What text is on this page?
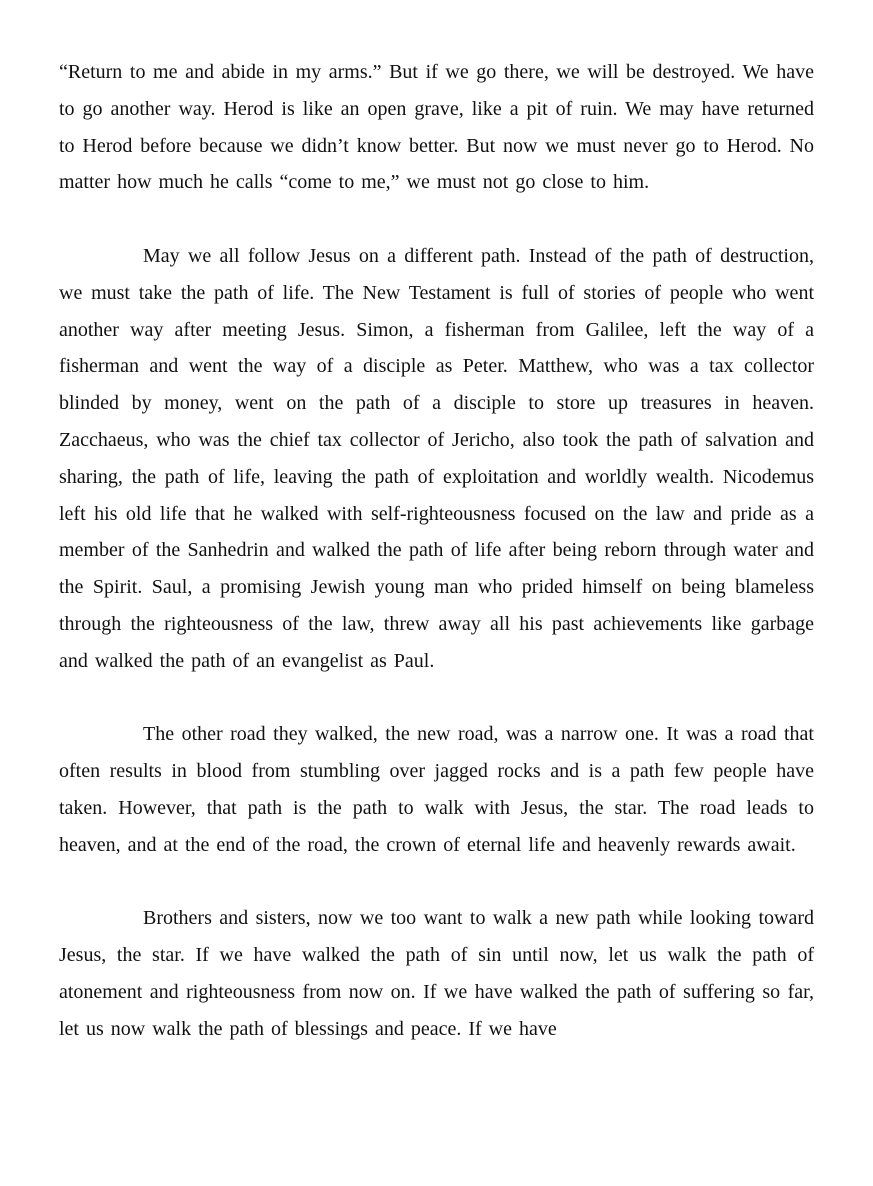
“Return to me and abide in my arms.” But if we go there, we will be destroyed. We have to go another way. Herod is like an open grave, like a pit of ruin. We may have returned to Herod before because we didn’t know better. But now we must never go to Herod. No matter how much he calls “come to me,” we must not go close to him.

May we all follow Jesus on a different path. Instead of the path of destruction, we must take the path of life. The New Testament is full of stories of people who went another way after meeting Jesus. Simon, a fisherman from Galilee, left the way of a fisherman and went the way of a disciple as Peter. Matthew, who was a tax collector blinded by money, went on the path of a disciple to store up treasures in heaven. Zacchaeus, who was the chief tax collector of Jericho, also took the path of salvation and sharing, the path of life, leaving the path of exploitation and worldly wealth. Nicodemus left his old life that he walked with self-righteousness focused on the law and pride as a member of the Sanhedrin and walked the path of life after being reborn through water and the Spirit. Saul, a promising Jewish young man who prided himself on being blameless through the righteousness of the law, threw away all his past achievements like garbage and walked the path of an evangelist as Paul.

The other road they walked, the new road, was a narrow one. It was a road that often results in blood from stumbling over jagged rocks and is a path few people have taken. However, that path is the path to walk with Jesus, the star. The road leads to heaven, and at the end of the road, the crown of eternal life and heavenly rewards await.

Brothers and sisters, now we too want to walk a new path while looking toward Jesus, the star. If we have walked the path of sin until now, let us walk the path of atonement and righteousness from now on. If we have walked the path of suffering so far, let us now walk the path of blessings and peace. If we have
